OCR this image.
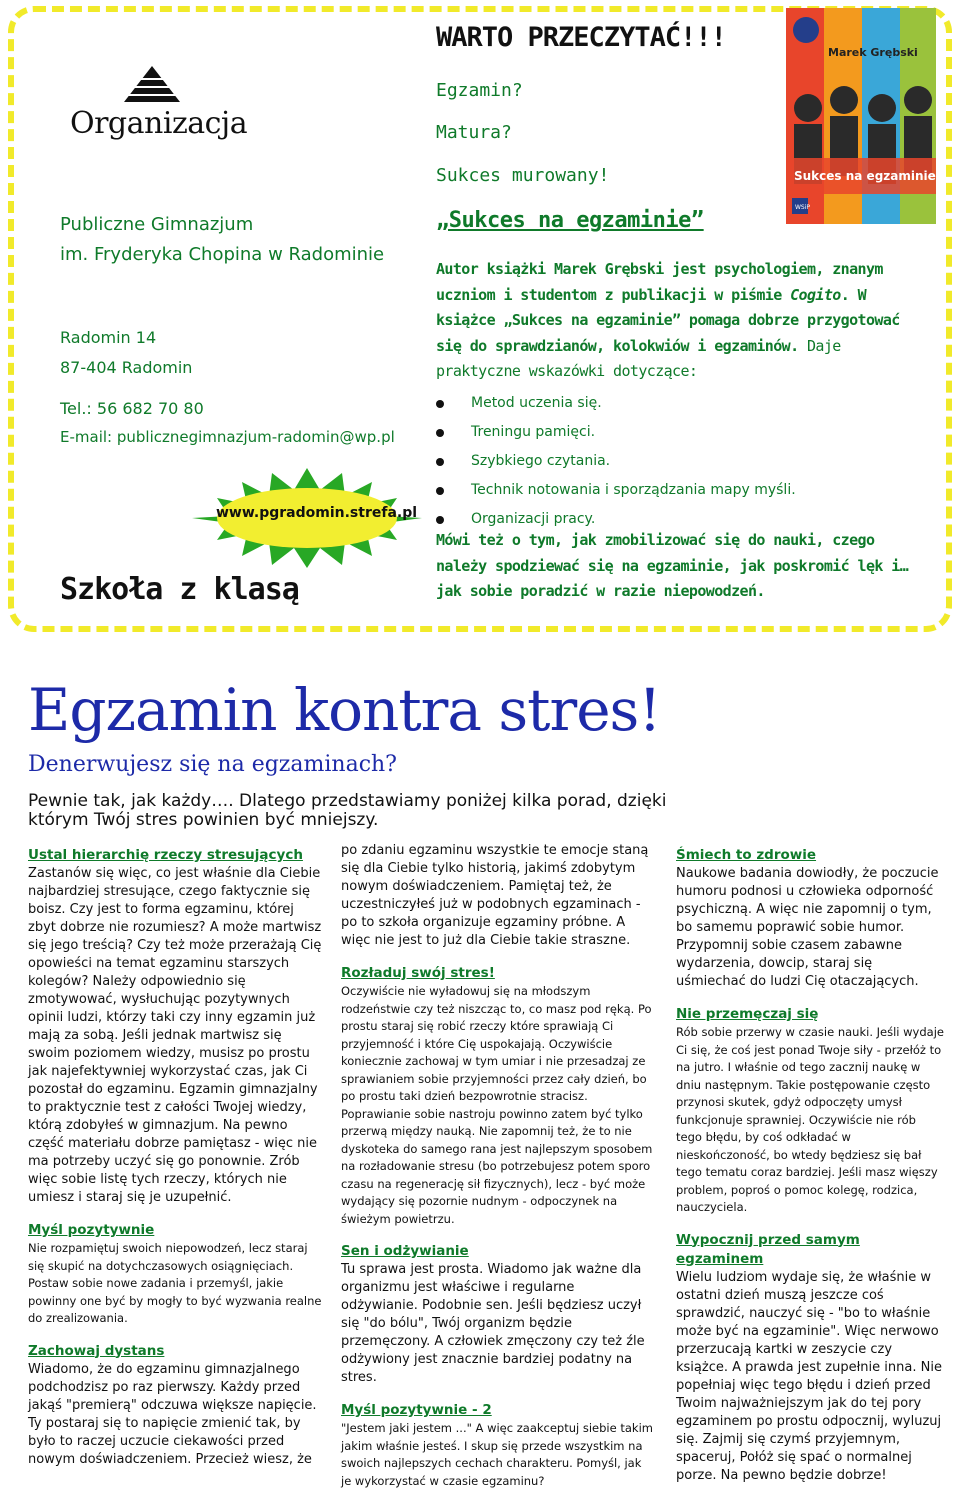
Organizacja
Publiczne Gimnazjum
im. Fryderyka Chopina w Radominie
Radomin 14
87-404 Radomin
Tel.: 56 682 70 80
E-mail: publicznegimnazjum-radomin@wp.pl
www.pgradomin.strefa.pl
Szkoła z klasą
WARTO PRZECZYTAĆ!!!
Egzamin?
Matura?
Sukces murowany!
„Sukces na egzaminie”
Autor książki Marek Grębski jest psychologiem, znanym uczniom i studentom z publikacji w piśmie Cogito. W książce „Sukces na egzaminie” pomaga dobrze przygotować się do sprawdzianów, kolokwiów i egzaminów. Daje praktyczne wskazówki dotyczące:
Metod uczenia się.
Treningu pamięci.
Szybkiego czytania.
Technik notowania i sporządzania mapy myśli.
Organizacji pracy.
Mówi też o tym, jak zmobilizować się do nauki, czego należy spodziewać się na egzaminie, jak poskromić lęk i… jak sobie poradzić w razie niepowodzeń.
WSiP
Marek Grębski
Sukces na egzaminie
Egzamin kontra stres!
Denerwujesz się na egzaminach?
Pewnie tak, jak każdy…. Dlatego przedstawiamy poniżej kilka porad, dzięki którym Twój stres powinien być mniejszy.
Ustal hierarchię rzeczy stresujących

Zastanów się więc, co jest właśnie dla Ciebie najbardziej stresujące, czego faktycznie się boisz. Czy jest to forma egzaminu, której zbyt dobrze nie rozumiesz? A może martwisz się jego treścią? Czy też może przerażają Cię opowieści na temat egzaminu starszych kolegów? Należy odpowiednio się zmotywować, wysłuchując pozytywnych opinii ludzi, którzy taki czy inny egzamin już mają za sobą. Jeśli jednak martwisz się swoim poziomem wiedzy, musisz po prostu jak najefektywniej wykorzystać czas, jak Ci pozostał do egzaminu. Egzamin gimnazjalny to praktycznie test z całości Twojej wiedzy, którą zdobyłeś w gimnazjum. Na pewno część materiału dobrze pamiętasz - więc nie ma potrzeby uczyć się go ponownie. Zrób więc sobie listę tych rzeczy, których nie umiesz i staraj się je uzupełnić.

Myśl pozytywnie

Nie rozpamiętuj swoich niepowodzeń, lecz staraj się skupić na dotychczasowych osiągnięciach. Postaw sobie nowe zadania i przemyśl, jakie powinny one być by mogły to być wyzwania realne do zrealizowania.

Zachowaj dystans

Wiadomo, że do egzaminu gimnazjalnego podchodzisz po raz pierwszy. Każdy przed jakąś "premierą" odczuwa większe napięcie. Ty postaraj się to napięcie zmienić tak, by było to raczej uczucie ciekawości przed nowym doświadczeniem. Przecież wiesz, że

po zdaniu egzaminu wszystkie te emocje staną się dla Ciebie tylko historią, jakimś zdobytym nowym doświadczeniem. Pamiętaj też, że uczestniczyłeś już w podobnych egzaminach - po to szkoła organizuje egzaminy próbne. A więc nie jest to już dla Ciebie takie straszne.

Rozładuj swój stres!

Oczywiście nie wyładowuj się na młodszym rodzeństwie czy też niszcząc to, co masz pod ręką. Po prostu staraj się robić rzeczy które sprawiają Ci przyjemność i które Cię uspokajają. Oczywiście koniecznie zachowaj w tym umiar i nie przesadzaj ze sprawianiem sobie przyjemności przez cały dzień, bo po prostu taki dzień bezpowrotnie stracisz. Poprawianie sobie nastroju powinno zatem być tylko przerwą między nauką. Nie zapomnij też, że to nie dyskoteka do samego rana jest najlepszym sposobem na rozładowanie stresu (bo potrzebujesz potem sporo czasu na regenerację sił fizycznych), lecz - być może wydający się pozornie nudnym - odpoczynek na świeżym powietrzu.

Sen i odżywianie

Tu sprawa jest prosta. Wiadomo jak ważne dla organizmu jest właściwe i regularne odżywianie. Podobnie sen. Jeśli będziesz uczył się "do bólu", Twój organizm będzie przemęczony. A człowiek zmęczony czy też źle odżywiony jest znacznie bardziej podatny na stres.

Myśl pozytywnie - 2

"Jestem jaki jestem ..." A więc zaakceptuj siebie takim jakim właśnie jesteś. I skup się przede wszystkim na swoich najlepszych cechach charakteru. Pomyśl, jak je wykorzystać w czasie egzaminu?

Śmiech to zdrowie

Naukowe badania dowiodły, że poczucie humoru podnosi u człowieka odporność psychiczną. A więc nie zapomnij o tym, bo samemu poprawić sobie humor. Przypomnij sobie czasem zabawne wydarzenia, dowcip, staraj się uśmiechać do ludzi Cię otaczających.

Nie przemęczaj się

Rób sobie przerwy w czasie nauki. Jeśli wydaje Ci się, że coś jest ponad Twoje siły - przełóż to na jutro. I właśnie od tego zacznij naukę w dniu następnym. Takie postępowanie często przynosi skutek, gdyż odpoczęty umysł funkcjonuje sprawniej. Oczywiście nie rób tego błędu, by coś odkładać w nieskończoność, bo wtedy będziesz się bał tego tematu coraz bardziej. Jeśli masz więszy problem, poproś o pomoc kolegę, rodzica, nauczyciela.

Wypocznij przed samym egzaminem

Wielu ludziom wydaje się, że właśnie w ostatni dzień muszą jeszcze coś sprawdzić, nauczyć się - "bo to właśnie może być na egzaminie". Więc nerwowo przerzucają kartki w zeszycie czy książce. A prawda jest zupełnie inna. Nie popełniaj więc tego błędu i dzień przed Twoim najważniejszym jak do tej pory egzaminem po prostu odpocznij, wyluzuj się. Zajmij się czymś przyjemnym, spaceruj, Połóż się spać o normalnej porze. Na pewno będzie dobrze!
